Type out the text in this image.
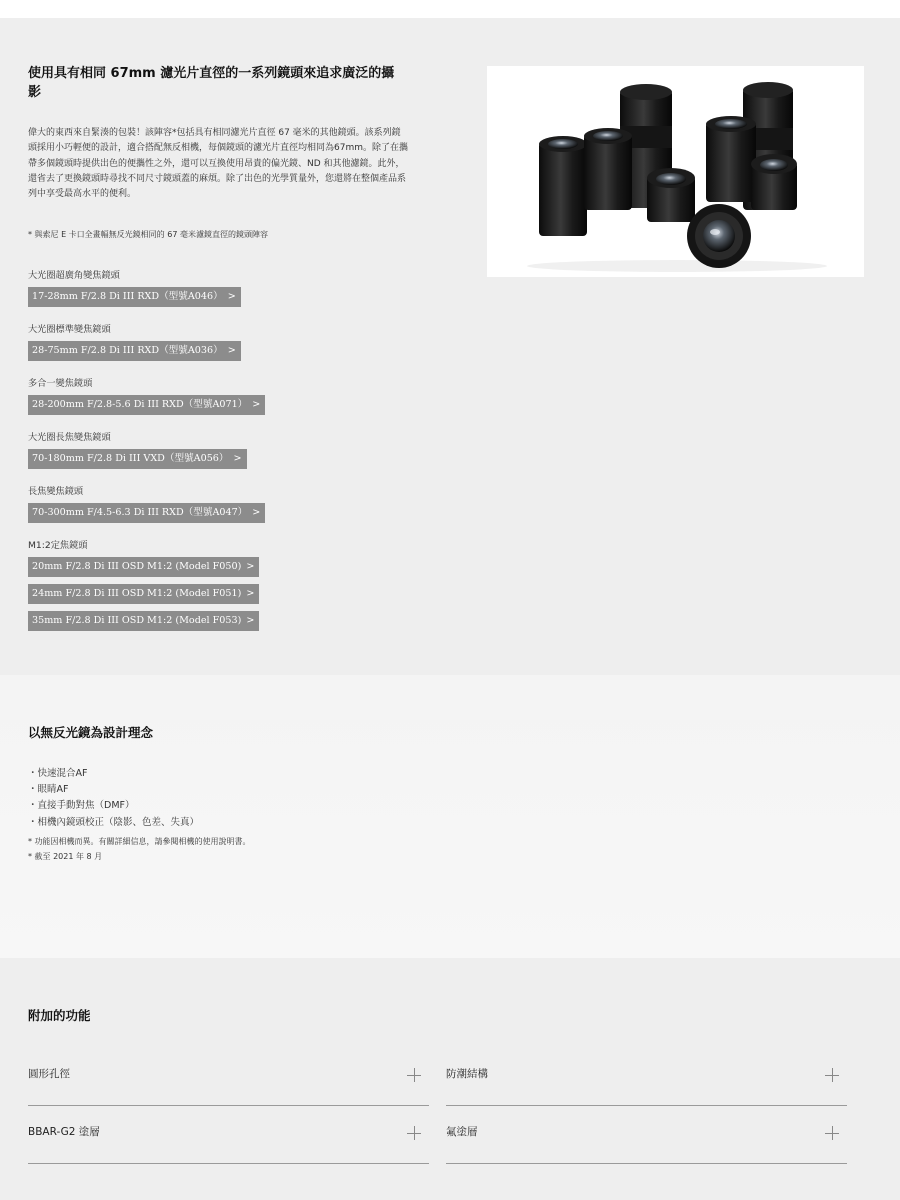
使用具有相同 67mm 濾光片直徑的一系列鏡頭來追求廣泛的攝影
偉大的東西來自緊湊的包裝！該陣容*包括具有相同濾光片直徑 67 毫米的其他鏡頭。該系列鏡頭採用小巧輕便的設計，適合搭配無反相機，每個鏡頭的濾光片直徑均相同為67mm。除了在攜帶多個鏡頭時提供出色的便攜性之外，還可以互換使用昂貴的偏光鏡、ND 和其他濾鏡。此外，還省去了更換鏡頭時尋找不同尺寸鏡頭蓋的麻煩。除了出色的光學質量外，您還將在整個產品系列中享受最高水平的便利。
* 與索尼 E 卡口全畫幅無反光鏡相同的 67 毫米濾鏡直徑的鏡頭陣容
大光圈超廣角變焦鏡頭
17-28mm F/2.8 Di III RXD（型號A046） >
大光圈標準變焦鏡頭
28-75mm F/2.8 Di III RXD（型號A036） >
多合一變焦鏡頭
28-200mm F/2.8-5.6 Di III RXD（型號A071） >
大光圈長焦變焦鏡頭
70-180mm F/2.8 Di III VXD（型號A056） >
長焦變焦鏡頭
70-300mm F/4.5-6.3 Di III RXD（型號A047） >
M1:2定焦鏡頭
20mm F/2.8 Di III OSD M1:2 (Model F050) >
24mm F/2.8 Di III OSD M1:2 (Model F051) >
35mm F/2.8 Di III OSD M1:2 (Model F053) >
以無反光鏡為設計理念
・快速混合AF
・眼睛AF
・直接手動對焦（DMF）
・相機內鏡頭校正（陰影、色差、失真）
* 功能因相機而異。有關詳細信息，請參閱相機的使用說明書。
* 截至 2021 年 8 月
附加的功能
圓形孔徑	防潮結構
BBAR-G2 塗層	氟塗層
